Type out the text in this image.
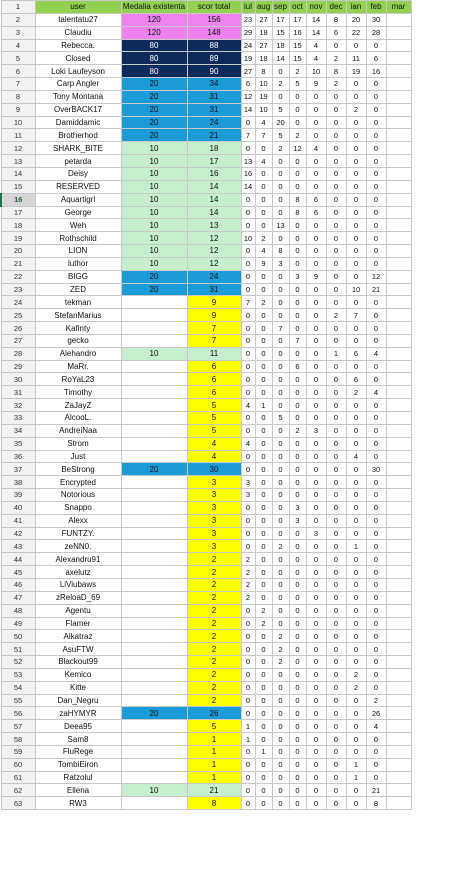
1	user	Medalia existenta	scor total	iul	aug	sep	oct	nov	dec	ian	feb	mar
2	talentatu27	120	156	23	27	17	17	14	8	20	30	
3	Claudiu	120	148	29	18	15	16	14	6	22	28	
4	Rebecca.	80	88	24	27	18	15	4	0	0	0	
5	Closed	80	89	19	18	14	15	4	2	11	6	
6	Loki Laufeyson	80	90	27	8	0	2	10	8	19	16	
7	Carp Angler	20	34	6	10	2	5	9	2	0	0	
8	Tony Montana	20	31	12	19	0	0	0	0	0	0	
9	OverBACK17	20	31	14	10	5	0	0	0	2	0	
10	Damiddamic	20	24	0	4	20	0	0	0	0	0	
11	Brotherhod	20	21	7	7	5	2	0	0	0	0	
12	SHARK_BITE	10	18	0	0	2	12	4	0	0	0	
13	petarda	10	17	13	4	0	0	0	0	0	0	
14	Deisy	10	16	16	0	0	0	0	0	0	0	
15	RESERVED	10	14	14	0	0	0	0	0	0	0	
16	Aquartigrl	10	14	0	0	0	8	6	0	0	0	
17	George	10	14	0	0	0	8	6	0	0	0	
18	Weh	10	13	0	0	13	0	0	0	0	0	
19	Rothschild	10	12	10	2	0	0	0	0	0	0	
20	LION	10	12	0	4	8	0	0	0	0	0	
21	luthor	10	12	0	9	3	0	0	0	0	0	
22	BIGG	20	24	0	0	0	3	9	0	0	12	
23	ZED	20	31	0	0	0	0	0	0	10	21	
24	tekman		9	7	2	0	0	0	0	0	0	
25	StefanMarius		9	0	0	0	0	0	2	7	0	
26	Kafinty		7	0	0	7	0	0	0	0	0	
27	gecko		7	0	0	0	7	0	0	0	0	
28	Alehandro	10	11	0	0	0	0	0	1	6	4	
29	MaRr.		6	0	0	0	6	0	0	0	0	
30	RoYaL23		6	0	0	0	0	0	0	6	0	
31	Timothy		6	0	0	0	0	0	0	2	4	
32	ZaJayZ		5	4	1	0	0	0	0	0	0	
33	AlcooL.		5	0	0	5	0	0	0	0	0	
34	AndreiNaa		5	0	0	0	2	3	0	0	0	
35	Strom		4	4	0	0	0	0	0	0	0	
36	Just		4	0	0	0	0	0	0	4	0	
37	BeStrong	20	30	0	0	0	0	0	0	0	30	
38	Encrypted		3	3	0	0	0	0	0	0	0	
39	Notorious		3	3	0	0	0	0	0	0	0	
40	Snappo		3	0	0	0	3	0	0	0	0	
41	Alexx		3	0	0	0	3	0	0	0	0	
42	FUNTZY.		3	0	0	0	0	3	0	0	0	
43	zeNN0.		3	0	0	2	0	0	0	1	0	
44	Alexandru91		2	2	0	0	0	0	0	0	0	
45	axelutz		2	2	0	0	0	0	0	0	0	
46	LiViubaws		2	2	0	0	0	0	0	0	0	
47	zReloaD_69		2	2	0	0	0	0	0	0	0	
48	Agentu		2	0	2	0	0	0	0	0	0	
49	Flamer		2	0	2	0	0	0	0	0	0	
50	Alkatraz		2	0	0	2	0	0	0	0	0	
51	AsuFTW		2	0	0	2	0	0	0	0	0	
52	Blackout99		2	0	0	2	0	0	0	0	0	
53	Kemico		2	0	0	0	0	0	0	2	0	
54	Kitte		2	0	0	0	0	0	0	2	0	
55	Dan_Negru		2	0	0	0	0	0	0	0	2	
56	zaHYMYR	20	26	0	0	0	0	0	0	0	26	
57	Deea95		5	1	0	0	0	0	0	0	4	
58	Sam8		1	1	0	0	0	0	0	0	0	
59	FluRege		1	0	1	0	0	0	0	0	0	
60	TombiEiron		1	0	0	0	0	0	0	1	0	
61	Ratzolul		1	0	0	0	0	0	0	1	0	
62	Ellena	10	21	0	0	0	0	0	0	0	21	
63	RW3		8	0	0	0	0	0	0	0	8	
